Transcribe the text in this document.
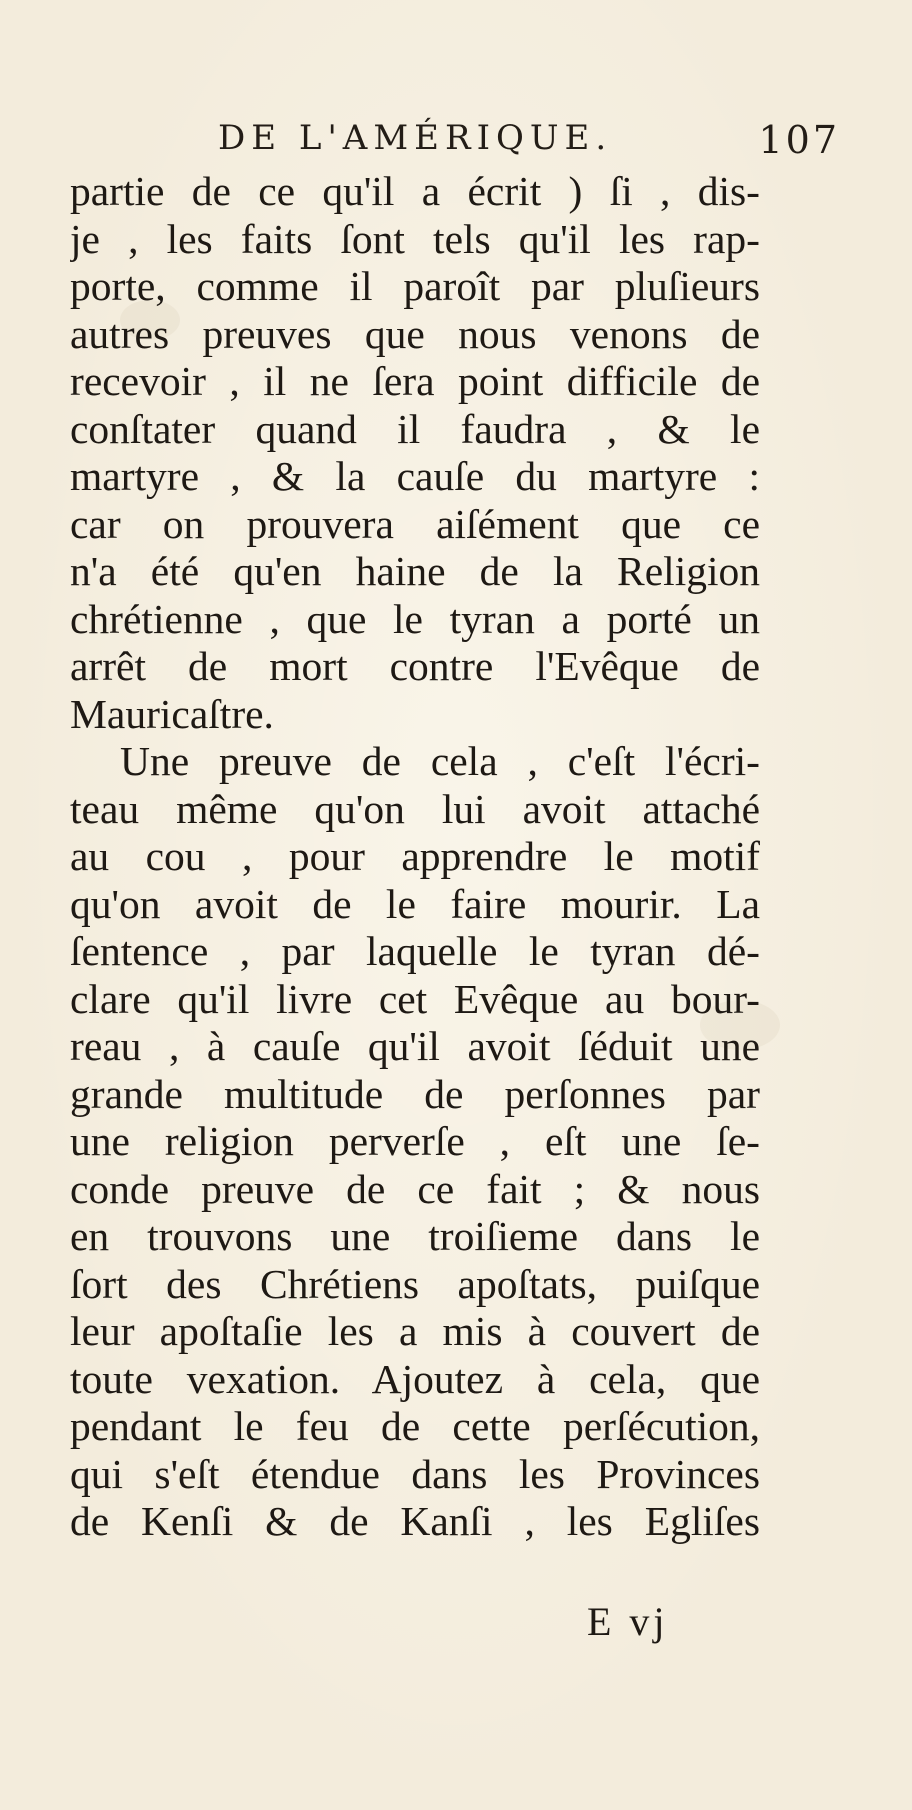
DE L'AMÉRIQUE.	107
partie de ce qu'il a écrit ) ſi , dis-
je , les faits ſont tels qu'il les rap-
porte, comme il paroît par pluſieurs
autres preuves que nous venons de
recevoir , il ne ſera point difficile de
conſtater quand il faudra , & le
martyre , & la cauſe du martyre :
car on prouvera aiſément que ce
n'a été qu'en haine de la Religion
chrétienne , que le tyran a porté un
arrêt de mort contre l'Evêque de
Mauricaſtre.
Une preuve de cela , c'eſt l'écri-
teau même qu'on lui avoit attaché
au cou , pour apprendre le motif
qu'on avoit de le faire mourir. La
ſentence , par laquelle le tyran dé-
clare qu'il livre cet Evêque au bour-
reau , à cauſe qu'il avoit ſéduit une
grande multitude de perſonnes par
une religion perverſe , eſt une ſe-
conde preuve de ce fait ; & nous
en trouvons une troiſieme dans le
ſort des Chrétiens apoſtats, puiſque
leur apoſtaſie les a mis à couvert de
toute vexation. Ajoutez à cela, que
pendant le feu de cette perſécution,
qui s'eſt étendue dans les Provinces
de Kenſi & de Kanſi , les Egliſes
E vj
